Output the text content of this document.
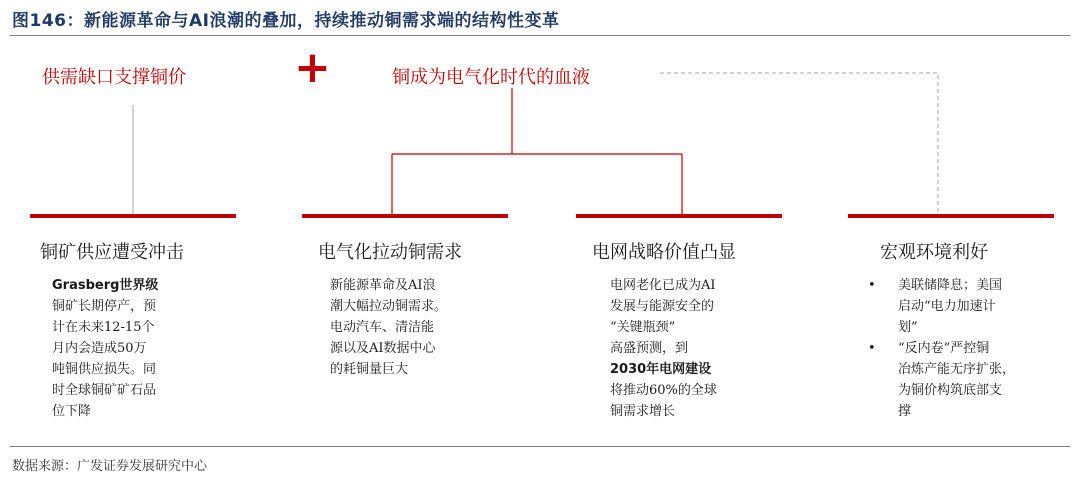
图146：新能源革命与AI浪潮的叠加，持续推动铜需求端的结构性变革
供需缺口支撑铜价 +	铜成为电气化时代的血液
铜矿供应遭受冲击
Grasberg世界级
铜矿长期停产，预
计在未来12-15个
月内会造成50万
吨铜供应损失。同
时全球铜矿矿石品
位下降
电气化拉动铜需求
新能源革命及AI浪
潮大幅拉动铜需求。
电动汽车、清洁能
源以及AI数据中心
的耗铜量巨大
电网战略价值凸显
电网老化已成为AI
发展与能源安全的
“关键瓶颈”
高盛预测，到
2030年电网建设
将推动60%的全球
铜需求增长
宏观环境利好
• 美联储降息；美国
启动“电力加速计
划”
• “反内卷”严控铜
冶炼产能无序扩张，
为铜价构筑底部支
撑
数据来源：广发证券发展研究中心
